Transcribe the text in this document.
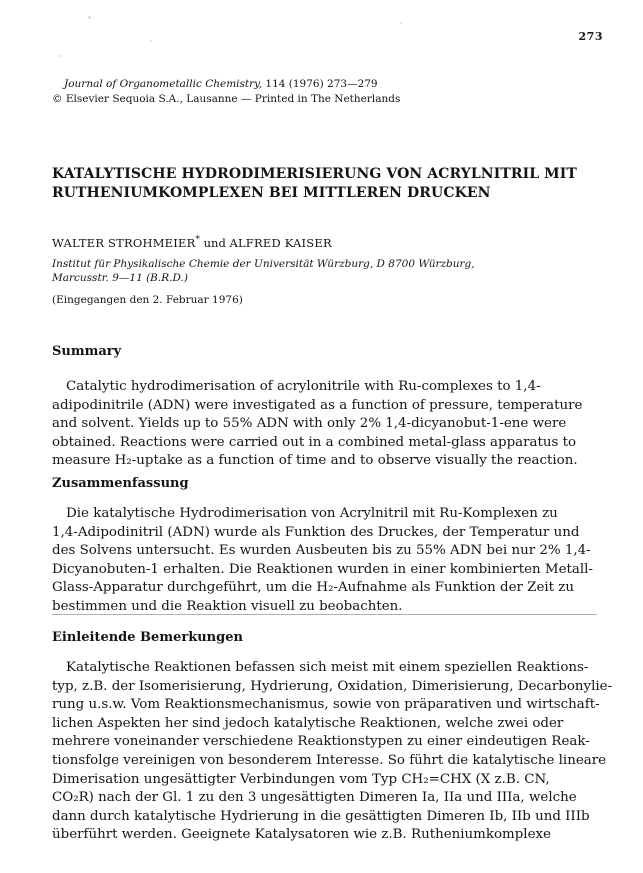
273
Journal of Organometallic Chemistry, 114 (1976) 273—279
© Elsevier Sequoia S.A., Lausanne — Printed in The Netherlands
KATALYTISCHE HYDRODIMERISIERUNG VON ACRYLNITRIL MIT
RUTHENIUMKOMPLEXEN BEI MITTLEREN DRUCKEN
WALTER STROHMEIER* und ALFRED KAISER
Institut für Physikalische Chemie der Universität Würzburg, D 8700 Würzburg,
Marcusstr. 9—11 (B.R.D.)
(Eingegangen den 2. Februar 1976)
Summary
Catalytic hydrodimerisation of acrylonitrile with Ru-complexes to 1,4-
adipodinitrile (ADN) were investigated as a function of pressure, temperature
and solvent. Yields up to 55% ADN with only 2% 1,4-dicyanobut-1-ene were
obtained. Reactions were carried out in a combined metal-glass apparatus to
measure H₂-uptake as a function of time and to observe visually the reaction.
Zusammenfassung
Die katalytische Hydrodimerisation von Acrylnitril mit Ru-Komplexen zu
1,4-Adipodinitril (ADN) wurde als Funktion des Druckes, der Temperatur und
des Solvens untersucht. Es wurden Ausbeuten bis zu 55% ADN bei nur 2% 1,4-
Dicyanobuten-1 erhalten. Die Reaktionen wurden in einer kombinierten Metall-
Glass-Apparatur durchgeführt, um die H₂-Aufnahme als Funktion der Zeit zu
bestimmen und die Reaktion visuell zu beobachten.
Einleitende Bemerkungen
Katalytische Reaktionen befassen sich meist mit einem speziellen Reaktions-
typ, z.B. der Isomerisierung, Hydrierung, Oxidation, Dimerisierung, Decarbonylie-
rung u.s.w. Vom Reaktionsmechanismus, sowie von präparativen und wirtschaft-
lichen Aspekten her sind jedoch katalytische Reaktionen, welche zwei oder
mehrere voneinander verschiedene Reaktionstypen zu einer eindeutigen Reak-
tionsfolge vereinigen von besonderem Interesse. So führt die katalytische lineare
Dimerisation ungesättigter Verbindungen vom Typ CH₂=CHX (X z.B. CN,
CO₂R) nach der Gl. 1 zu den 3 ungesättigten Dimeren Ia, IIa und IIIa, welche
dann durch katalytische Hydrierung in die gesättigten Dimeren Ib, IIb und IIIb
überführt werden. Geeignete Katalysatoren wie z.B. Rutheniumkomplexe
